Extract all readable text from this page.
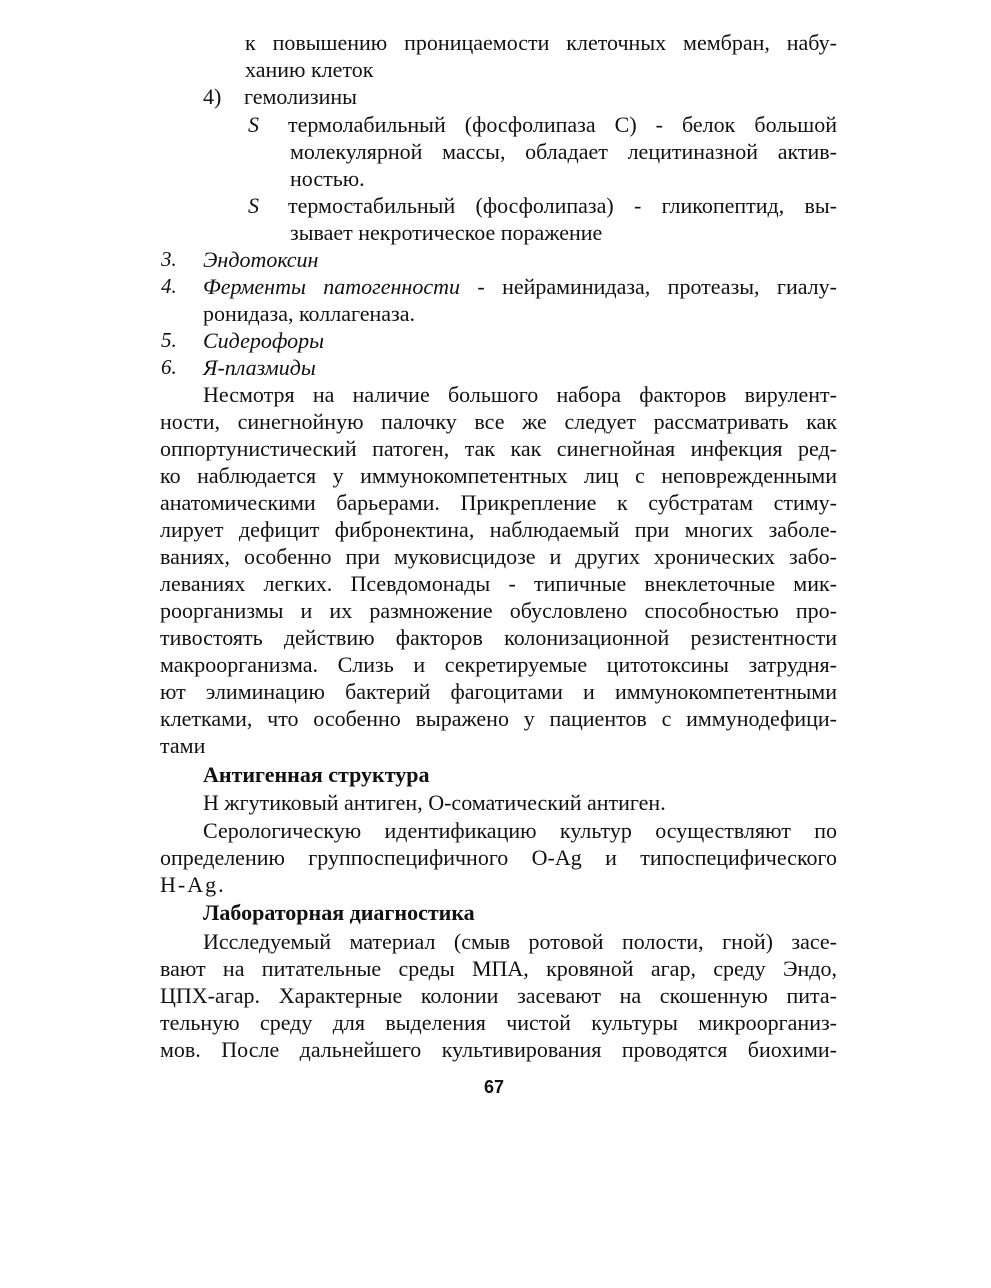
к повышению проницаемости клеточных мембран, набу-
ханию клеток
4) гемолизины
S термолабильный (фосфолипаза С) - белок большой
молекулярной массы, обладает лецитиназной актив-
ностью.
S термостабильный (фосфолипаза) - гликопептид, вы-
зывает некротическое поражение
3. Эндотоксин
4. Ферменты патогенности - нейраминидаза, протеазы, гиалу-
ронидаза, коллагеназа.
5. Сидерофоры
6. Я-плазмиды
Несмотря на наличие большого набора факторов вирулент-
ности, синегнойную палочку все же следует рассматривать как
оппортунистический патоген, так как синегнойная инфекция ред-
ко наблюдается у иммунокомпетентных лиц с неповрежденными
анатомическими барьерами. Прикрепление к субстратам стиму-
лирует дефицит фибронектина, наблюдаемый при многих заболе-
ваниях, особенно при муковисцидозе и других хронических забо-
леваниях легких. Псевдомонады - типичные внеклеточные мик-
роорганизмы и их размножение обусловлено способностью про-
тивостоять действию факторов колонизационной резистентности
макроорганизма. Слизь и секретируемые цитотоксины затрудня-
ют элиминацию бактерий фагоцитами и иммунокомпетентными
клетками, что особенно выражено у пациентов с иммунодефици-
тами
Антигенная структура
Н жгутиковый антиген, О-соматический антиген.
Серологическую идентификацию культур осуществляют по
определению группоспецифичного O-Ag и типоспецифического
H-Ag.
Лабораторная диагностика
Исследуемый материал (смыв ротовой полости, гной) засе-
вают на питательные среды МПА, кровяной агар, среду Эндо,
ЦПХ-агар. Характерные колонии засевают на скошенную пита-
тельную среду для выделения чистой культуры микроорганиз-
мов. После дальнейшего культивирования проводятся биохими-
67
